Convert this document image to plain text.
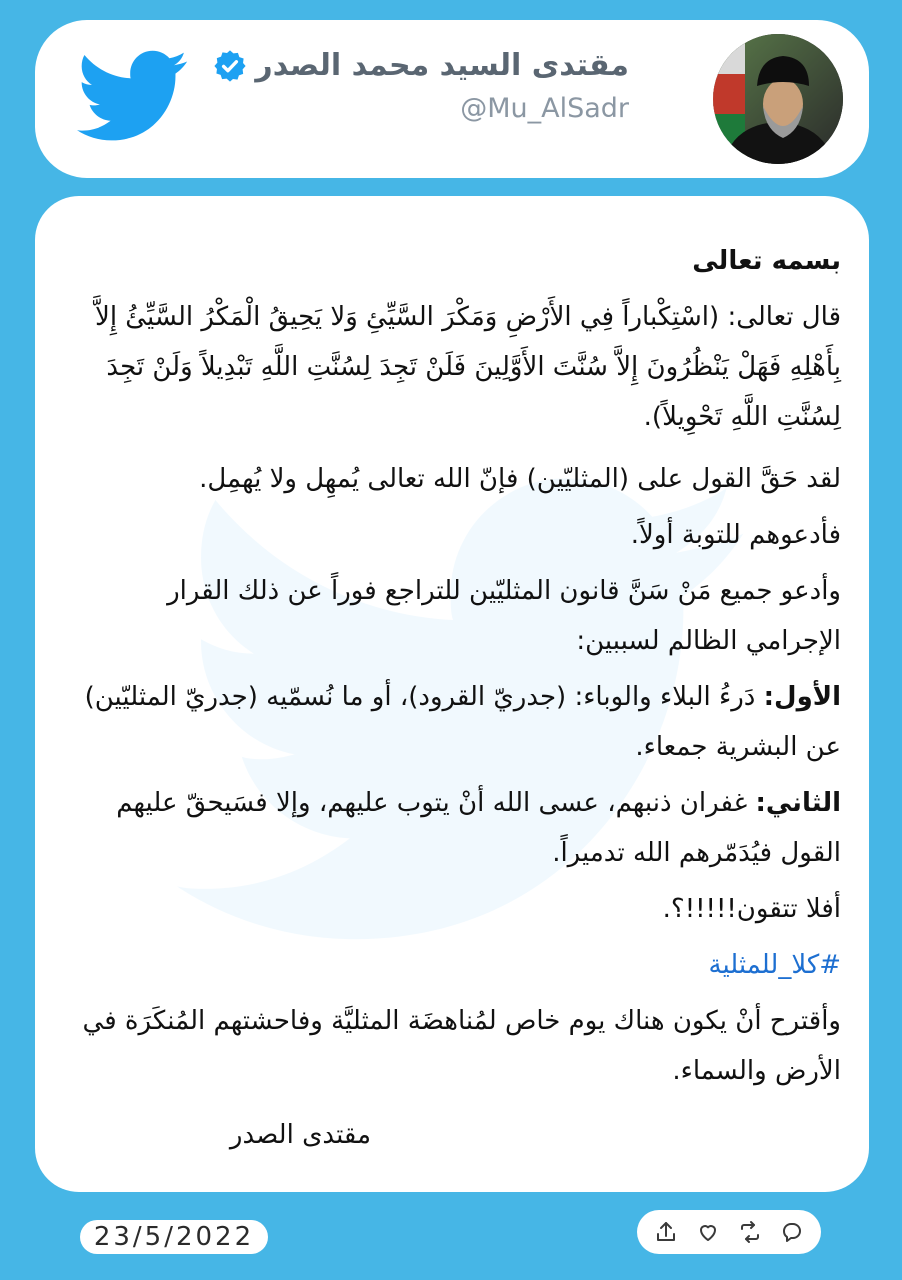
مقتدى السيد محمد الصدر
@Mu_AlSadr

بسمه تعالى

قال تعالى: (اسْتِكْباراً فِي الأَرْضِ وَمَكْرَ السَّيِّئِ وَلا يَحِيقُ الْمَكْرُ السَّيِّئُ إِلاَّ بِأَهْلِهِ فَهَلْ يَنْظُرُونَ إِلاَّ سُنَّتَ الأَوَّلِينَ فَلَنْ تَجِدَ لِسُنَّتِ اللَّهِ تَبْدِيلاً وَلَنْ تَجِدَ لِسُنَّتِ اللَّهِ تَحْوِيلاً).

لقد حَقَّ القول على (المثليّين) فإنّ الله تعالى يُمهِل ولا يُهمِل.

فأدعوهم للتوبة أولاً.

وأدعو جميع مَنْ سَنَّ قانون المثليّين للتراجع فوراً عن ذلك القرار الإجرامي الظالم لسببين:

الأول: دَرءُ البلاء والوباء: (جدريّ القرود)، أو ما نُسمّيه (جدريّ المثليّين) عن البشرية جمعاء.

الثاني: غفران ذنبهم، عسى الله أنْ يتوب عليهم، وإلا فسَيحقّ عليهم القول فيُدَمّرهم الله تدميراً.

أفلا تتقون!!!!!؟.

#كلا_للمثلية

وأقترح أنْ يكون هناك يوم خاص لمُناهضَة المثليَّة وفاحشتهم المُنكَرَة في الأرض والسماء.

مقتدى الصدر

23/5/2022
